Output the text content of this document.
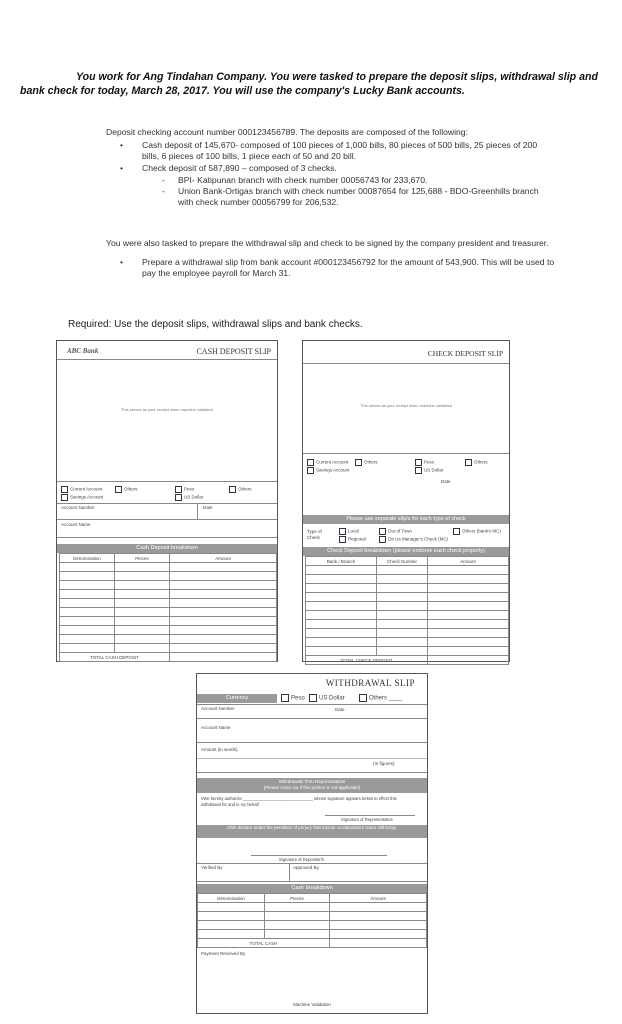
You work for Ang Tindahan Company. You were tasked to prepare the deposit slips, withdrawal slip and bank check for today, March 28, 2017. You will use the company's Lucky Bank accounts.

Deposit checking account number 000123456789. The deposits are composed of the following:

• Cash deposit of 145,670- composed of 100 pieces of 1,000 bills, 80 pieces of 500 bills, 25 pieces of 200 bills, 6 pieces of 100 bills, 1 piece each of 50 and 20 bill.

• Check deposit of 587,890 – composed of 3 checks.

- BPI- Katipunan branch with check number 00056743 for 233,670.

- Union Bank-Ortigas branch with check number 00087654 for 125,688 - BDO-Greenhills branch with check number 00056799 for 206,532.

You were also tasked to prepare the withdrawal slip and check to be signed by the company president and treasurer.

• Prepare a withdrawal slip from bank account #000123456792 for the amount of 543,900. This will be used to pay the employee payroll for March 31.

Required: Use the deposit slips, withdrawal slips and bank checks.
ABC Bank	CASH DEPOSIT SLIP
This serves as your receipt when machine validated
Current Account	Others
Savings Account
Peso	Others
US Dollar
Account Number	Date
Account Name
Cash Deposit breakdown
Denomination	Pieces	Amount

TOTAL CASH DEPOSIT		
CHECK DEPOSIT SLIP
This serves as your receipt when machine validated
Current Account	Others
Savings Account
Peso	Others
US Dollar
Date
Please use separate slip/s for each type of check
Type of Check
Local	Out of Town	Others (bank's MC)
Regional	On Us Manager's Check (MC)
Check Deposit breakdown (please endorse each check properly)
Bank / Branch	Check Number	Amount

TOTAL CHECK DEPOSIT		
WITHDRAWAL SLIP
Currency	Peso	US Dollar	Others ____
Account Number	Date
Account Name
Amount (in words)
(In figures)
Withdrawals Thru Representative
(Please cross out if this portion is not applicable)
I/We hereby authorize ______________________________ whose signature appears below to effect this withdrawal for and in my behalf.
Signature of Representative
I/We declare under the penalties of perjury that my/our co-depositors is/are still living.
Signature of Depositor/s
Verified By	Approved By
Cash breakdown
Denomination	Pieces	Amount

TOTAL CASH		
Payment Received By
Machine Validation
